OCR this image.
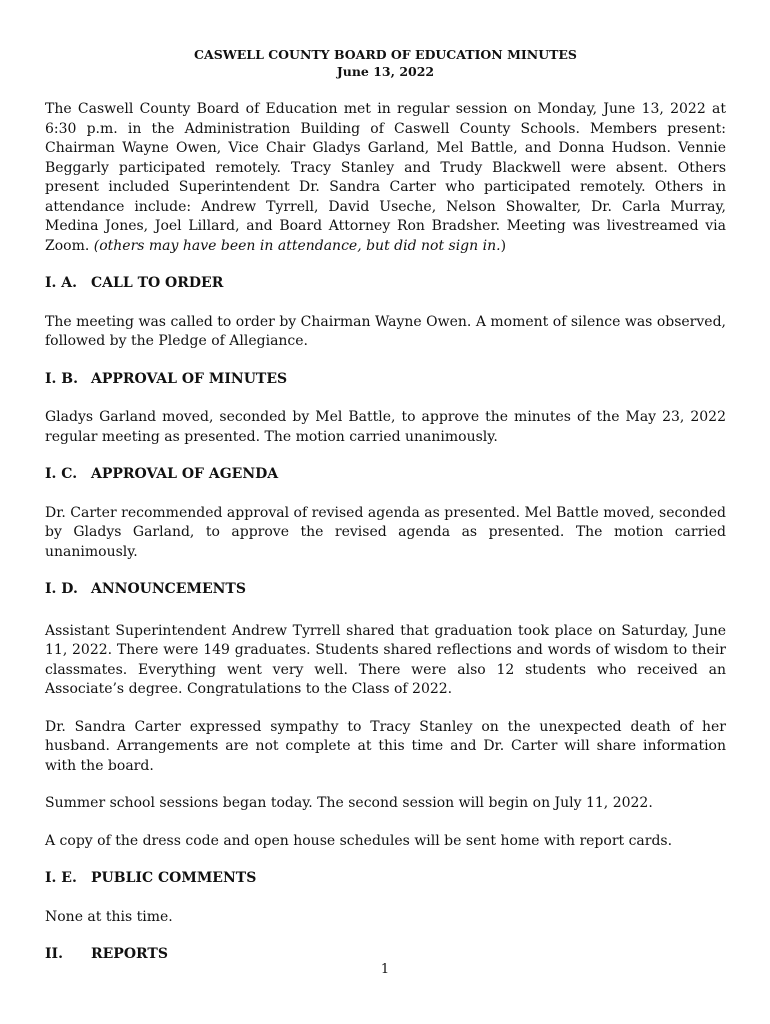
CASWELL COUNTY BOARD OF EDUCATION MINUTES
June 13, 2022

The Caswell County Board of Education met in regular session on Monday, June 13, 2022 at 6:30 p.m. in the Administration Building of Caswell County Schools. Members present: Chairman Wayne Owen, Vice Chair Gladys Garland, Mel Battle, and Donna Hudson. Vennie Beggarly participated remotely. Tracy Stanley and Trudy Blackwell were absent. Others present included Superintendent Dr. Sandra Carter who participated remotely. Others in attendance include: Andrew Tyrrell, David Useche, Nelson Showalter, Dr. Carla Murray, Medina Jones, Joel Lillard, and Board Attorney Ron Bradsher. Meeting was livestreamed via Zoom. (others may have been in attendance, but did not sign in.)

I. A. CALL TO ORDER

The meeting was called to order by Chairman Wayne Owen. A moment of silence was observed, followed by the Pledge of Allegiance.

I. B. APPROVAL OF MINUTES

Gladys Garland moved, seconded by Mel Battle, to approve the minutes of the May 23, 2022 regular meeting as presented. The motion carried unanimously.

I. C. APPROVAL OF AGENDA

Dr. Carter recommended approval of revised agenda as presented. Mel Battle moved, seconded by Gladys Garland, to approve the revised agenda as presented. The motion carried unanimously.

I. D. ANNOUNCEMENTS

Assistant Superintendent Andrew Tyrrell shared that graduation took place on Saturday, June 11, 2022. There were 149 graduates. Students shared reflections and words of wisdom to their classmates. Everything went very well. There were also 12 students who received an Associate’s degree. Congratulations to the Class of 2022.

Dr. Sandra Carter expressed sympathy to Tracy Stanley on the unexpected death of her husband. Arrangements are not complete at this time and Dr. Carter will share information with the board.

Summer school sessions began today. The second session will begin on July 11, 2022.

A copy of the dress code and open house schedules will be sent home with report cards.

I. E.	PUBLIC COMMENTS

None at this time.

II.	REPORTS
1
